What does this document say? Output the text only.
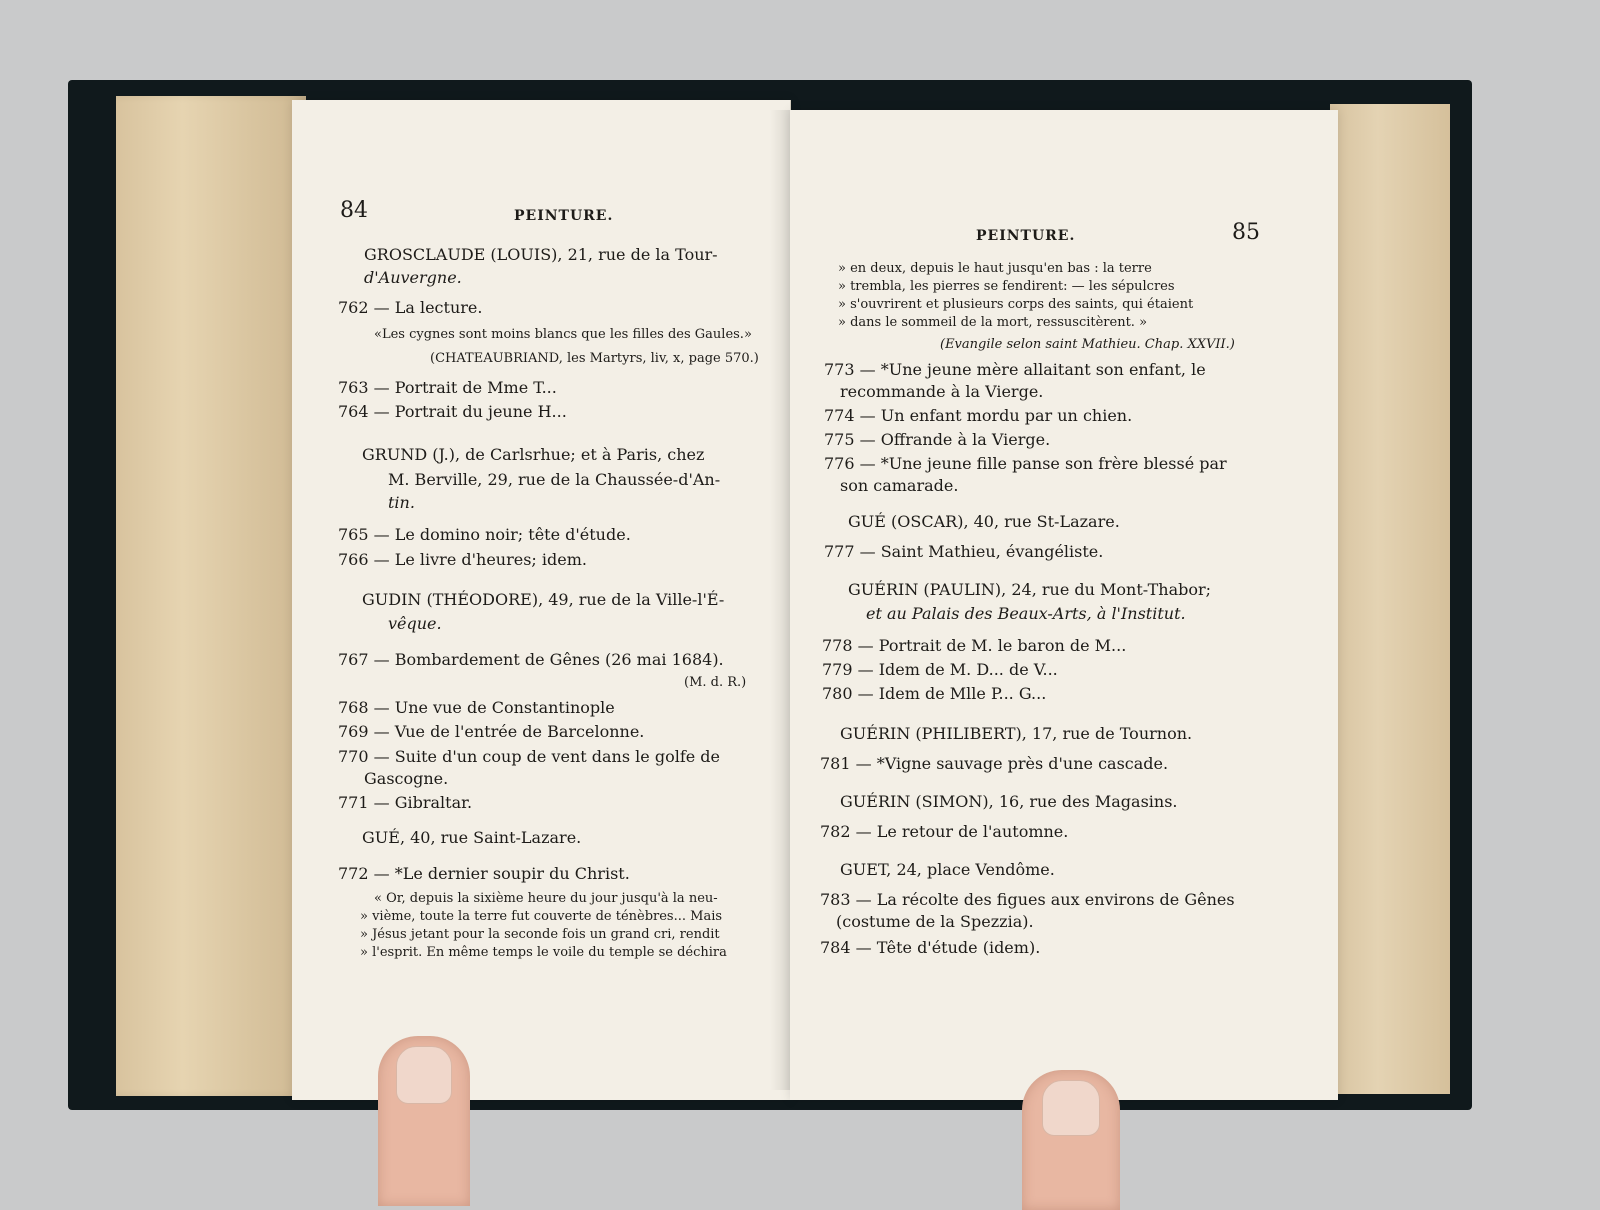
84	PEINTURE.
GROSCLAUDE (LOUIS), 21, rue de la Tour-
d'Auvergne.
762 — La lecture.
«Les cygnes sont moins blancs que les filles des Gaules.»
(CHATEAUBRIAND, les Martyrs, liv, x, page 570.)
763 — Portrait de Mme T...
764 — Portrait du jeune H...
GRUND (J.), de Carlsrhue; et à Paris, chez
M. Berville, 29, rue de la Chaussée-d'An-
tin.
765 — Le domino noir; tête d'étude.
766 — Le livre d'heures; idem.
GUDIN (THÉODORE), 49, rue de la Ville-l'É-
vêque.
767 — Bombardement de Gênes (26 mai 1684).
(M. d. R.)
768 — Une vue de Constantinople
769 — Vue de l'entrée de Barcelonne.
770 — Suite d'un coup de vent dans le golfe de
Gascogne.
771 — Gibraltar.
GUÉ, 40, rue Saint-Lazare.
772 — *Le dernier soupir du Christ.
« Or, depuis la sixième heure du jour jusqu'à la neu-
» vième, toute la terre fut couverte de ténèbres... Mais
» Jésus jetant pour la seconde fois un grand cri, rendit
» l'esprit. En même temps le voile du temple se déchira
PEINTURE.	85
» en deux, depuis le haut jusqu'en bas : la terre
» trembla, les pierres se fendirent: — les sépulcres
» s'ouvrirent et plusieurs corps des saints, qui étaient
» dans le sommeil de la mort, ressuscitèrent. »
(Evangile selon saint Mathieu. Chap. XXVII.)
773 — *Une jeune mère allaitant son enfant, le
recommande à la Vierge.
774 — Un enfant mordu par un chien.
775 — Offrande à la Vierge.
776 — *Une jeune fille panse son frère blessé par
son camarade.
GUÉ (OSCAR), 40, rue St-Lazare.
777 — Saint Mathieu, évangéliste.
GUÉRIN (PAULIN), 24, rue du Mont-Thabor;
et au Palais des Beaux-Arts, à l'Institut.
778 — Portrait de M. le baron de M...
779 — Idem de M. D... de V...
780 — Idem de Mlle P... G...
GUÉRIN (PHILIBERT), 17, rue de Tournon.
781 — *Vigne sauvage près d'une cascade.
GUÉRIN (SIMON), 16, rue des Magasins.
782 — Le retour de l'automne.
GUET, 24, place Vendôme.
783 — La récolte des figues aux environs de Gênes
(costume de la Spezzia).
784 — Tête d'étude (idem).
